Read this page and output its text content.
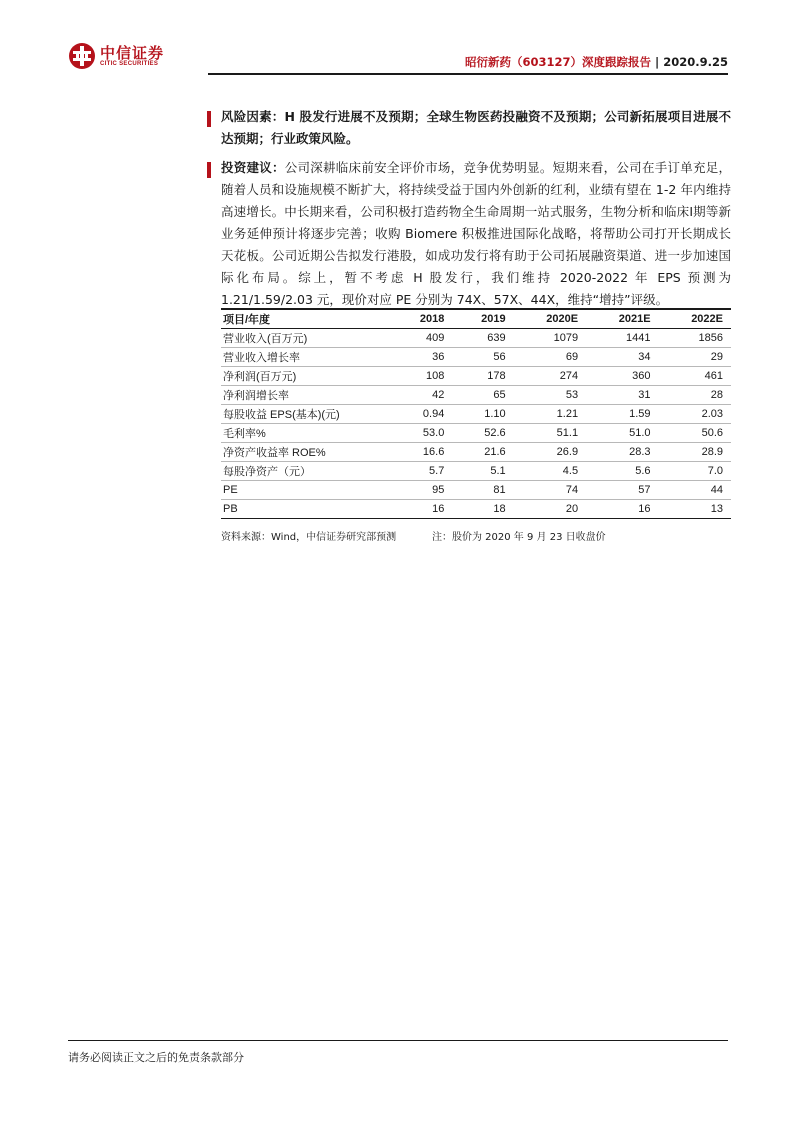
中信证券
CITIC SECURITIES	昭衍新药（603127）深度跟踪报告 | 2020.9.25
风险因素：H 股发行进展不及预期；全球生物医药投融资不及预期；公司新拓展项目进展不达预期；行业政策风险。
投资建议：公司深耕临床前安全评价市场，竞争优势明显。短期来看，公司在手订单充足，随着人员和设施规模不断扩大，将持续受益于国内外创新的红利，业绩有望在 1-2 年内维持高速增长。中长期来看，公司积极打造药物全生命周期一站式服务，生物分析和临床Ⅰ期等新业务延伸预计将逐步完善；收购 Biomere 积极推进国际化战略，将帮助公司打开长期成长天花板。公司近期公告拟发行港股，如成功发行将有助于公司拓展融资渠道、进一步加速国际化布局。综上，暂不考虑 H 股发行，我们维持 2020-2022 年 EPS 预测为 1.21/1.59/2.03 元，现价对应 PE 分别为 74X、57X、44X，维持“增持”评级。
项目/年度	2018	2019	2020E	2021E	2022E
营业收入(百万元)	409	639	1079	1441	1856
营业收入增长率	36	56	69	34	29
净利润(百万元)	108	178	274	360	461
净利润增长率	42	65	53	31	28
每股收益 EPS(基本)(元)	0.94	1.10	1.21	1.59	2.03
毛利率%	53.0	52.6	51.1	51.0	50.6
净资产收益率 ROE%	16.6	21.6	26.9	28.3	28.9
每股净资产（元）	5.7	5.1	4.5	5.6	7.0
PE	95	81	74	57	44
PB	16	18	20	16	13
资料来源：Wind，中信证券研究部预测	注：股价为 2020 年 9 月 23 日收盘价
请务必阅读正文之后的免责条款部分
